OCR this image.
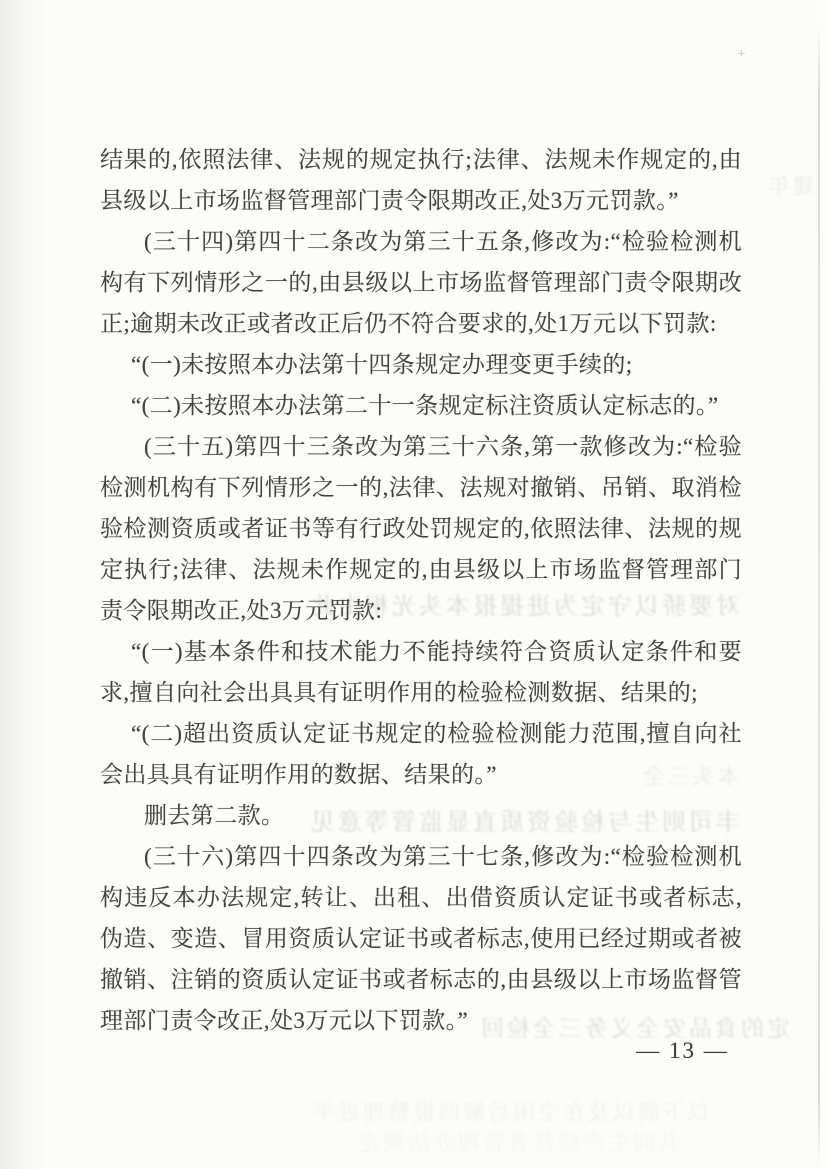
对要骄以守定为进提报本头光相由此
丰司则生与检验资质直显监管等意见
定的食品安全义务三全检回
本头三全
建年
以下颌以及在空闲后解回报整理近平
共同生产经营者管理办法规定

结果的,依照法律、法规的规定执行;法律、法规未作规定的,由县级以上市场监督管理部门责令限期改正,处3万元罚款。”

(三十四)第四十二条改为第三十五条,修改为:“检验检测机构有下列情形之一的,由县级以上市场监督管理部门责令限期改正;逾期未改正或者改正后仍不符合要求的,处1万元以下罚款:

“(一)未按照本办法第十四条规定办理变更手续的;

“(二)未按照本办法第二十一条规定标注资质认定标志的。”

(三十五)第四十三条改为第三十六条,第一款修改为:“检验检测机构有下列情形之一的,法律、法规对撤销、吊销、取消检验检测资质或者证书等有行政处罚规定的,依照法律、法规的规定执行;法律、法规未作规定的,由县级以上市场监督管理部门责令限期改正,处3万元罚款:

“(一)基本条件和技术能力不能持续符合资质认定条件和要求,擅自向社会出具具有证明作用的检验检测数据、结果的;

“(二)超出资质认定证书规定的检验检测能力范围,擅自向社会出具具有证明作用的数据、结果的。”

删去第二款。

(三十六)第四十四条改为第三十七条,修改为:“检验检测机构违反本办法规定,转让、出租、出借资质认定证书或者标志,伪造、变造、冒用资质认定证书或者标志,使用已经过期或者被撤销、注销的资质认定证书或者标志的,由县级以上市场监督管理部门责令改正,处3万元以下罚款。”

— 13 —
+
